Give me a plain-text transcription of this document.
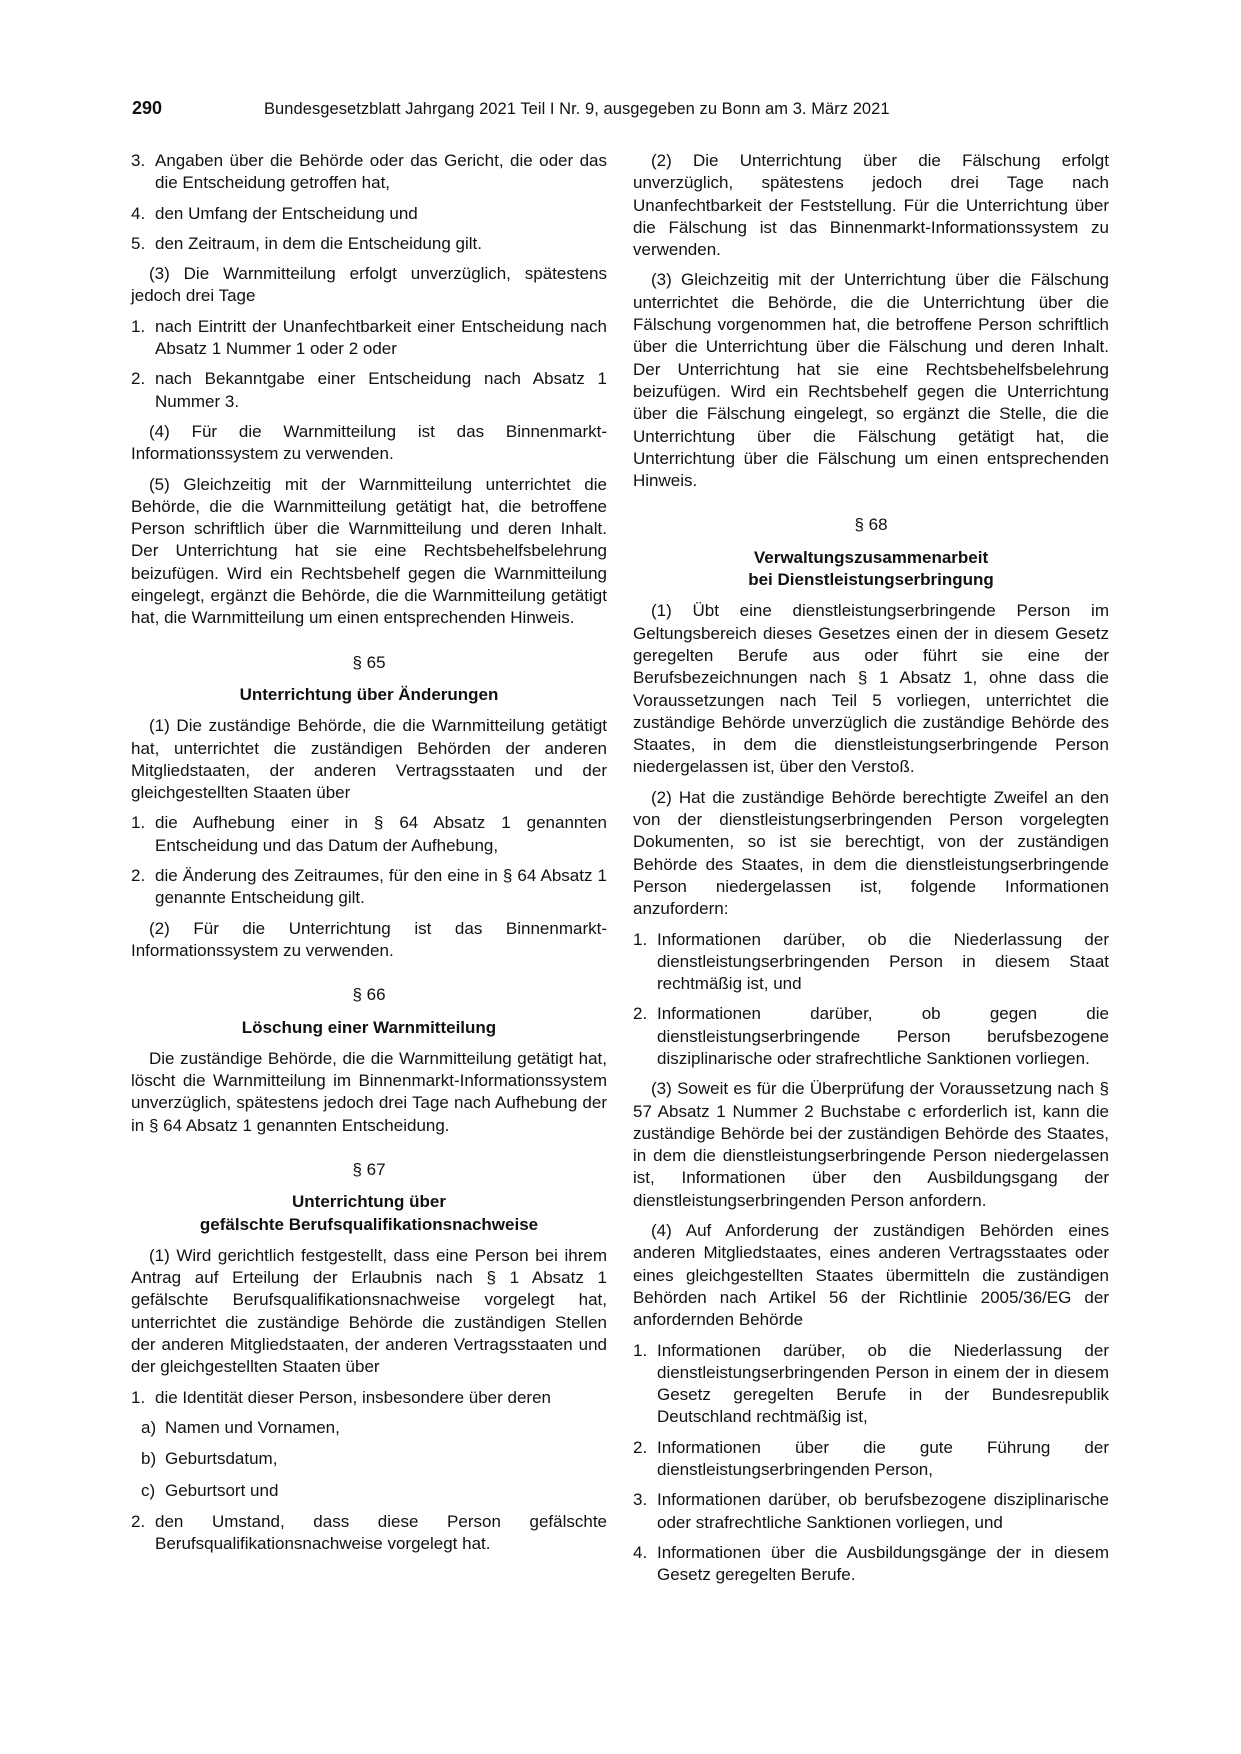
290	Bundesgesetzblatt Jahrgang 2021 Teil I Nr. 9, ausgegeben zu Bonn am 3. März 2021
3. Angaben über die Behörde oder das Gericht, die oder das die Entscheidung getroffen hat,
4. den Umfang der Entscheidung und
5. den Zeitraum, in dem die Entscheidung gilt.

(3) Die Warnmitteilung erfolgt unverzüglich, spätestens jedoch drei Tage

1. nach Eintritt der Unanfechtbarkeit einer Entscheidung nach Absatz 1 Nummer 1 oder 2 oder
2. nach Bekanntgabe einer Entscheidung nach Absatz 1 Nummer 3.

(4) Für die Warnmitteilung ist das Binnenmarkt-Informationssystem zu verwenden.

(5) Gleichzeitig mit der Warnmitteilung unterrichtet die Behörde, die die Warnmitteilung getätigt hat, die betroffene Person schriftlich über die Warnmitteilung und deren Inhalt. Der Unterrichtung hat sie eine Rechtsbehelfsbelehrung beizufügen. Wird ein Rechtsbehelf gegen die Warnmitteilung eingelegt, ergänzt die Behörde, die die Warnmitteilung getätigt hat, die Warnmitteilung um einen entsprechenden Hinweis.

§ 65
Unterrichtung über Änderungen

(1) Die zuständige Behörde, die die Warnmitteilung getätigt hat, unterrichtet die zuständigen Behörden der anderen Mitgliedstaaten, der anderen Vertragsstaaten und der gleichgestellten Staaten über

1. die Aufhebung einer in § 64 Absatz 1 genannten Entscheidung und das Datum der Aufhebung,
2. die Änderung des Zeitraumes, für den eine in § 64 Absatz 1 genannte Entscheidung gilt.

(2) Für die Unterrichtung ist das Binnenmarkt-Informationssystem zu verwenden.

§ 66
Löschung einer Warnmitteilung

Die zuständige Behörde, die die Warnmitteilung getätigt hat, löscht die Warnmitteilung im Binnenmarkt-Informationssystem unverzüglich, spätestens jedoch drei Tage nach Aufhebung der in § 64 Absatz 1 genannten Entscheidung.

§ 67
Unterrichtung über
gefälschte Berufsqualifikationsnachweise

(1) Wird gerichtlich festgestellt, dass eine Person bei ihrem Antrag auf Erteilung der Erlaubnis nach § 1 Absatz 1 gefälschte Berufsqualifikationsnachweise vorgelegt hat, unterrichtet die zuständige Behörde die zuständigen Stellen der anderen Mitgliedstaaten, der anderen Vertragsstaaten und der gleichgestellten Staaten über

1. die Identität dieser Person, insbesondere über deren
a) Namen und Vornamen,
b) Geburtsdatum,
c) Geburtsort und
2. den Umstand, dass diese Person gefälschte Berufsqualifikationsnachweise vorgelegt hat.

(2) Die Unterrichtung über die Fälschung erfolgt unverzüglich, spätestens jedoch drei Tage nach Unanfechtbarkeit der Feststellung. Für die Unterrichtung über die Fälschung ist das Binnenmarkt-Informationssystem zu verwenden.

(3) Gleichzeitig mit der Unterrichtung über die Fälschung unterrichtet die Behörde, die die Unterrichtung über die Fälschung vorgenommen hat, die betroffene Person schriftlich über die Unterrichtung über die Fälschung und deren Inhalt. Der Unterrichtung hat sie eine Rechtsbehelfsbelehrung beizufügen. Wird ein Rechtsbehelf gegen die Unterrichtung über die Fälschung eingelegt, so ergänzt die Stelle, die die Unterrichtung über die Fälschung getätigt hat, die Unterrichtung über die Fälschung um einen entsprechenden Hinweis.

§ 68
Verwaltungszusammenarbeit
bei Dienstleistungserbringung

(1) Übt eine dienstleistungserbringende Person im Geltungsbereich dieses Gesetzes einen der in diesem Gesetz geregelten Berufe aus oder führt sie eine der Berufsbezeichnungen nach § 1 Absatz 1, ohne dass die Voraussetzungen nach Teil 5 vorliegen, unterrichtet die zuständige Behörde unverzüglich die zuständige Behörde des Staates, in dem die dienstleistungserbringende Person niedergelassen ist, über den Verstoß.

(2) Hat die zuständige Behörde berechtigte Zweifel an den von der dienstleistungserbringenden Person vorgelegten Dokumenten, so ist sie berechtigt, von der zuständigen Behörde des Staates, in dem die dienstleistungserbringende Person niedergelassen ist, folgende Informationen anzufordern:

1. Informationen darüber, ob die Niederlassung der dienstleistungserbringenden Person in diesem Staat rechtmäßig ist, und
2. Informationen darüber, ob gegen die dienstleistungserbringende Person berufsbezogene disziplinarische oder strafrechtliche Sanktionen vorliegen.

(3) Soweit es für die Überprüfung der Voraussetzung nach § 57 Absatz 1 Nummer 2 Buchstabe c erforderlich ist, kann die zuständige Behörde bei der zuständigen Behörde des Staates, in dem die dienstleistungserbringende Person niedergelassen ist, Informationen über den Ausbildungsgang der dienstleistungserbringenden Person anfordern.

(4) Auf Anforderung der zuständigen Behörden eines anderen Mitgliedstaates, eines anderen Vertragsstaates oder eines gleichgestellten Staates übermitteln die zuständigen Behörden nach Artikel 56 der Richtlinie 2005/36/EG der anfordernden Behörde

1. Informationen darüber, ob die Niederlassung der dienstleistungserbringenden Person in einem der in diesem Gesetz geregelten Berufe in der Bundesrepublik Deutschland rechtmäßig ist,
2. Informationen über die gute Führung der dienstleistungserbringenden Person,
3. Informationen darüber, ob berufsbezogene disziplinarische oder strafrechtliche Sanktionen vorliegen, und
4. Informationen über die Ausbildungsgänge der in diesem Gesetz geregelten Berufe.
